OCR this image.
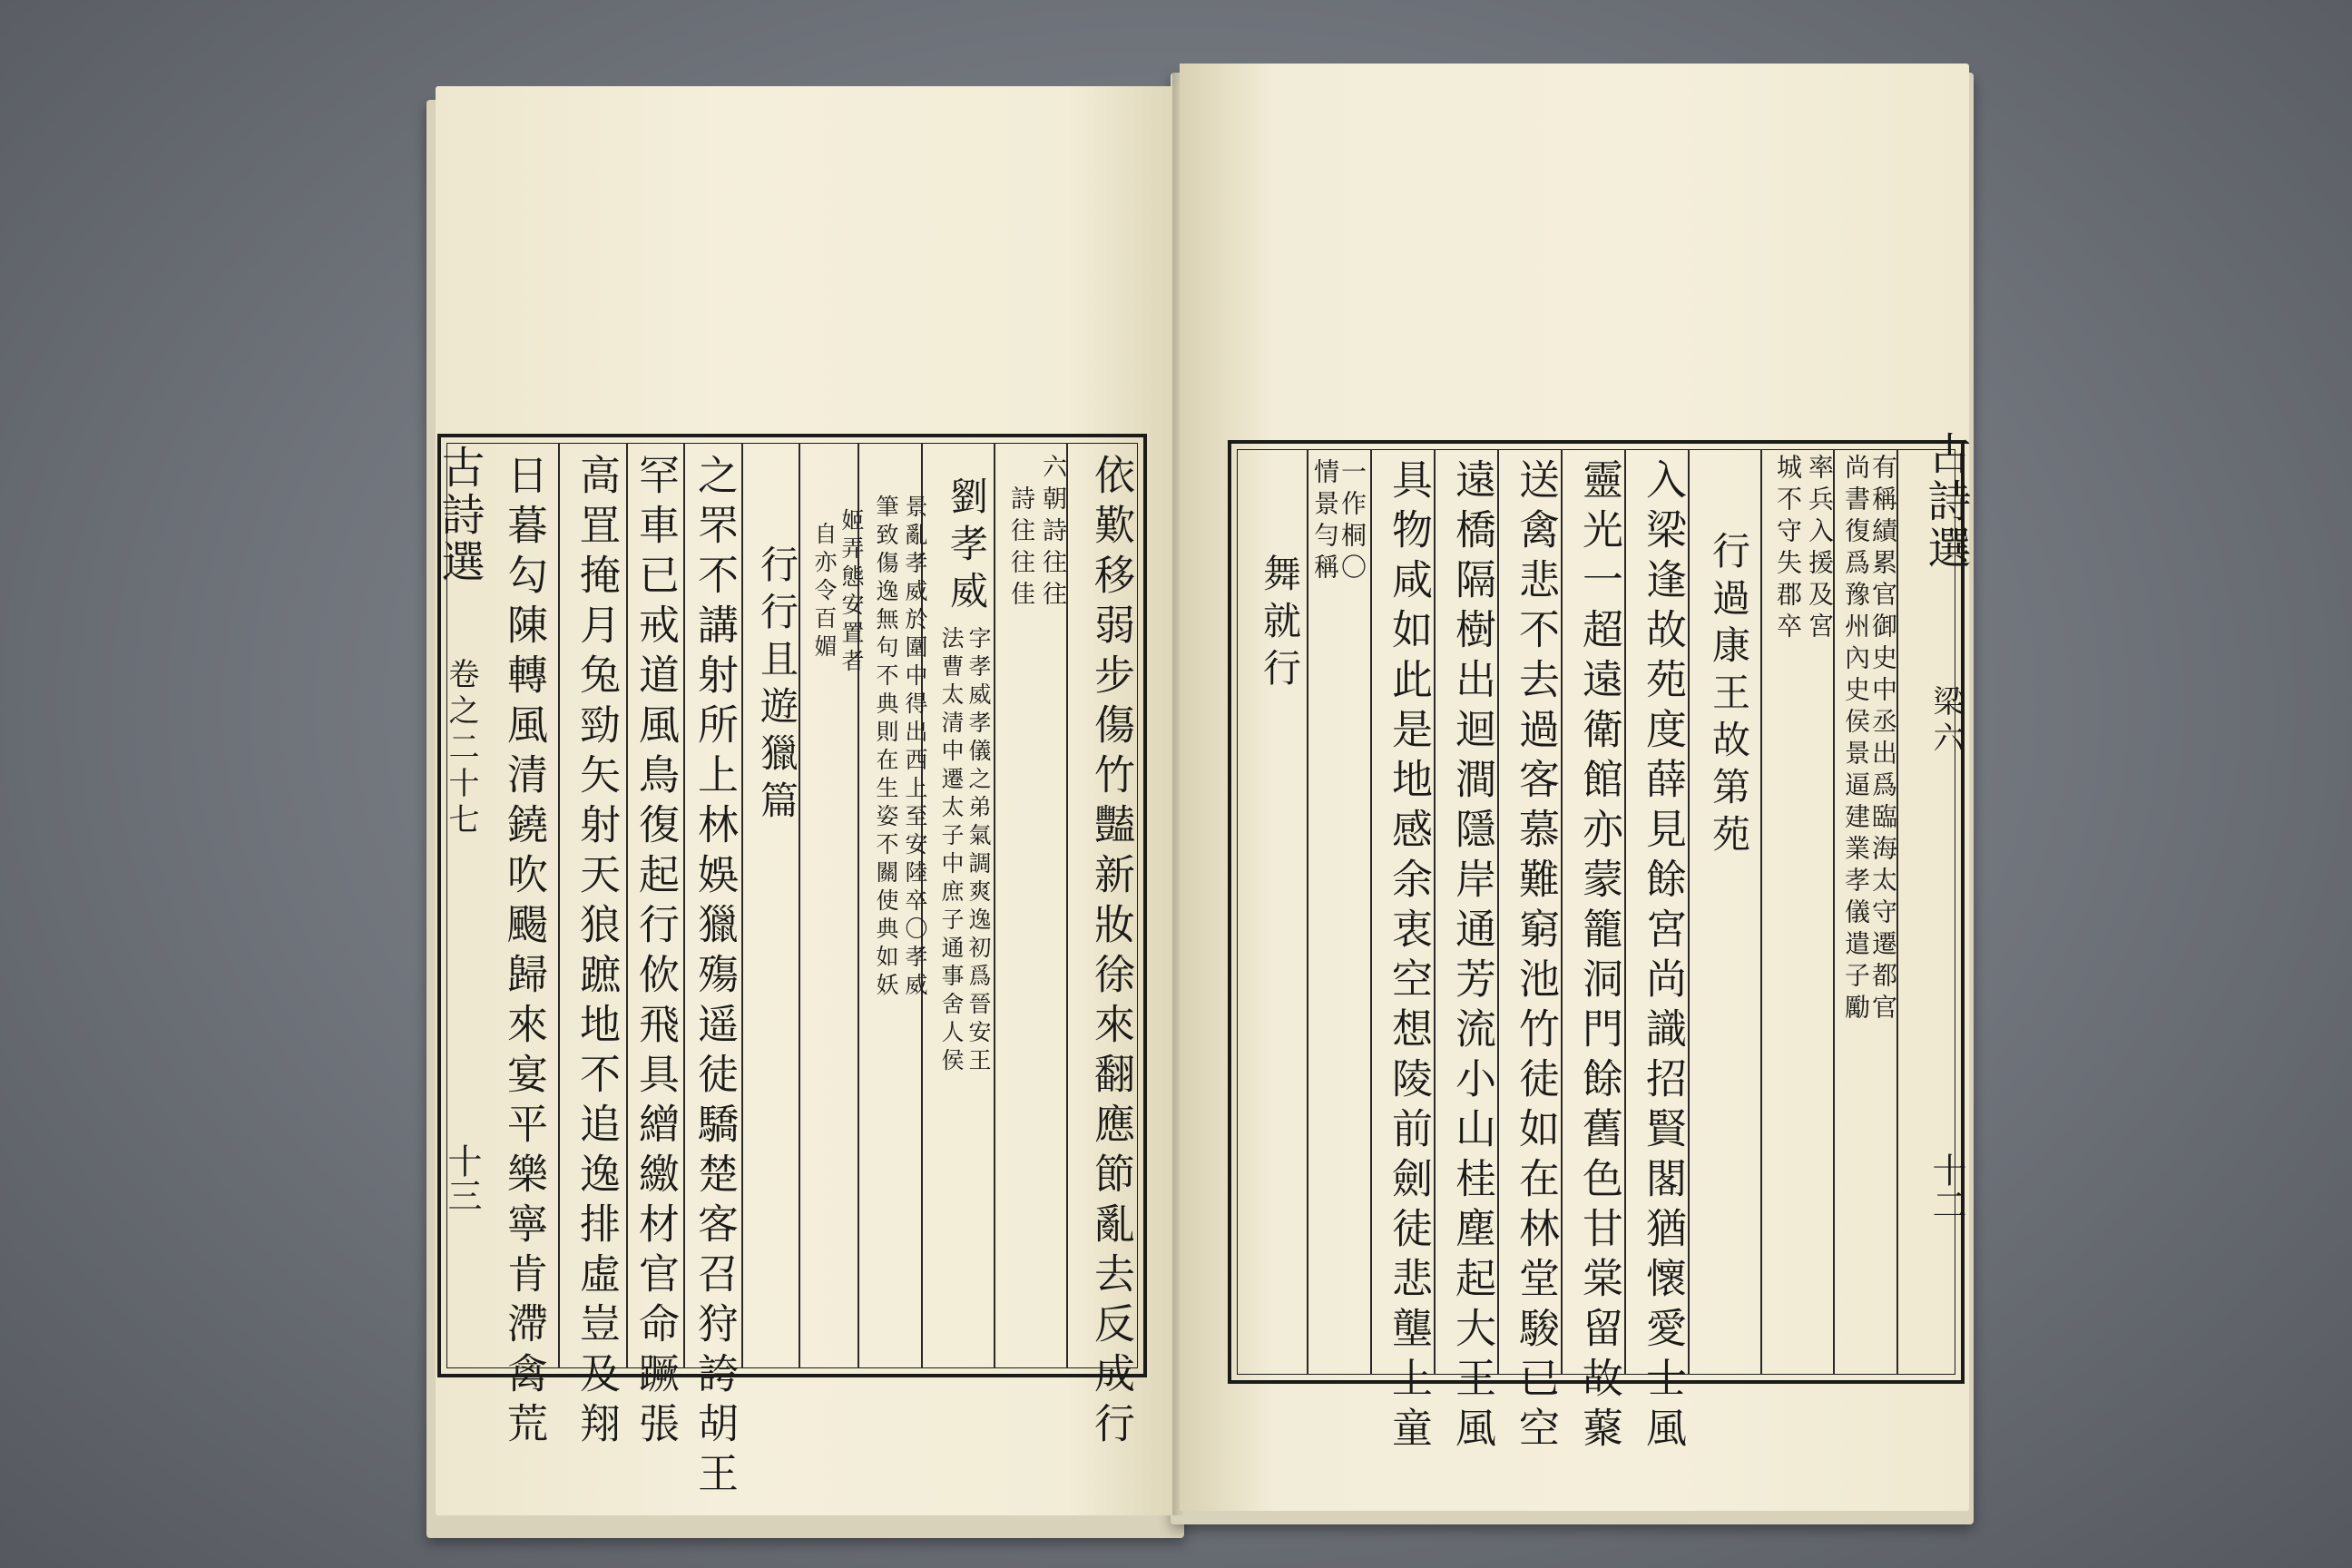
古詩選
卷之二十七
十三	依歎移弱步傷竹豔新妝徐來翻應節亂去反成行
六朝詩往往
詩往往佳
劉孝威
字孝威孝儀之弟氣調爽逸初爲晉安王
法曹太清中遷太子中庶子通事舍人侯
景亂孝威於圍中得出西上至安陸卒〇孝威
筆致傷逸無句不典則在生姿不關使典如妖
姬弄態安置者
自亦令百媚
行行且遊獵篇
之罘不講射所上林娛獵殤遥徒驕楚客召狩誇胡王
罕車已戒道風鳥復起行佽飛具繒繳材官命蹶張
高罝掩月兔勁矢射天狼蹠地不追逸排虛豈及翔
日暮勾陳轉風清鐃吹颺歸來宴平樂寧肯滯禽荒	古詩選
梁六
十二
有稱績累官御史中丞出爲臨海太守遷都官
尚書復爲豫州內史侯景逼建業孝儀遣子勵
率兵入援及宮
城不守失郡卒
行過康王故第苑
入梁逢故苑度薛見餘宮尚識招賢閣猶懷愛士風
靈光一超遠衛館亦蒙籠洞門餘舊色甘棠留故藂
送禽悲不去過客慕難窮池竹徒如在林堂駿已空
遠橋隔樹出迴澗隱岸通芳流小山桂塵起大王風
具物咸如此是地感余衷空想陵前劍徒悲壟上童
一作桐〇
情景勻稱
舞就行
